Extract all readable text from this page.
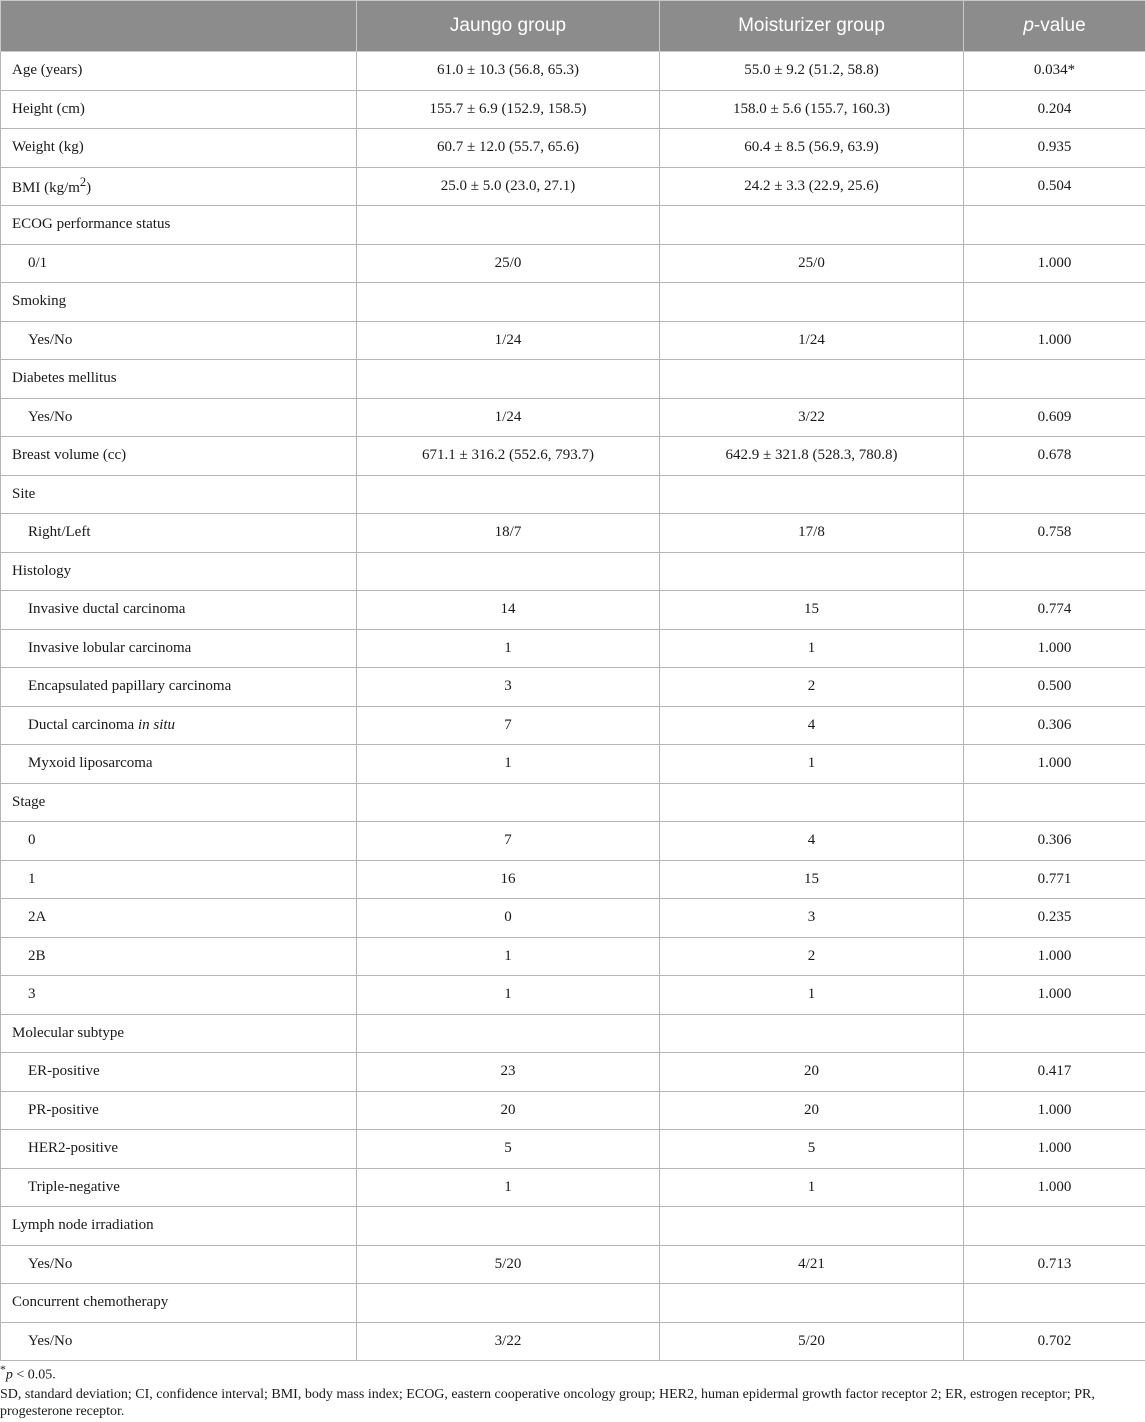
	Jaungo group	Moisturizer group	p-value
Age (years)	61.0 ± 10.3 (56.8, 65.3)	55.0 ± 9.2 (51.2, 58.8)	0.034*
Height (cm)	155.7 ± 6.9 (152.9, 158.5)	158.0 ± 5.6 (155.7, 160.3)	0.204
Weight (kg)	60.7 ± 12.0 (55.7, 65.6)	60.4 ± 8.5 (56.9, 63.9)	0.935
BMI $(kg/m^2)$	25.0 ± 5.0 (23.0, 27.1)	24.2 ± 3.3 (22.9, 25.6)	0.504
ECOG performance status			
0/1	25/0	25/0	1.000
Smoking			
Yes/No	1/24	1/24	1.000
Diabetes mellitus			
Yes/No	1/24	3/22	0.609
Breast volume (cc)	671.1 ± 316.2 (552.6, 793.7)	642.9 ± 321.8 (528.3, 780.8)	0.678
Site			
Right/Left	18/7	17/8	0.758
Histology			
Invasive ductal carcinoma	14	15	0.774
Invasive lobular carcinoma	1	1	1.000
Encapsulated papillary carcinoma	3	2	0.500
Ductal carcinoma in situ	7	4	0.306
Myxoid liposarcoma	1	1	1.000
Stage			
0	7	4	0.306
1	16	15	0.771
2A	0	3	0.235
2B	1	2	1.000
3	1	1	1.000
Molecular subtype			
ER-positive	23	20	0.417
PR-positive	20	20	1.000
HER2-positive	5	5	1.000
Triple-negative	1	1	1.000
Lymph node irradiation			
Yes/No	5/20	4/21	0.713
Concurrent chemotherapy			
Yes/No	3/22	5/20	0.702

*p < 0.05.

SD, standard deviation; CI, confidence interval; BMI, body mass index; ECOG, eastern cooperative oncology group; HER2, human epidermal growth factor receptor 2; ER, estrogen receptor; PR, progesterone receptor.
